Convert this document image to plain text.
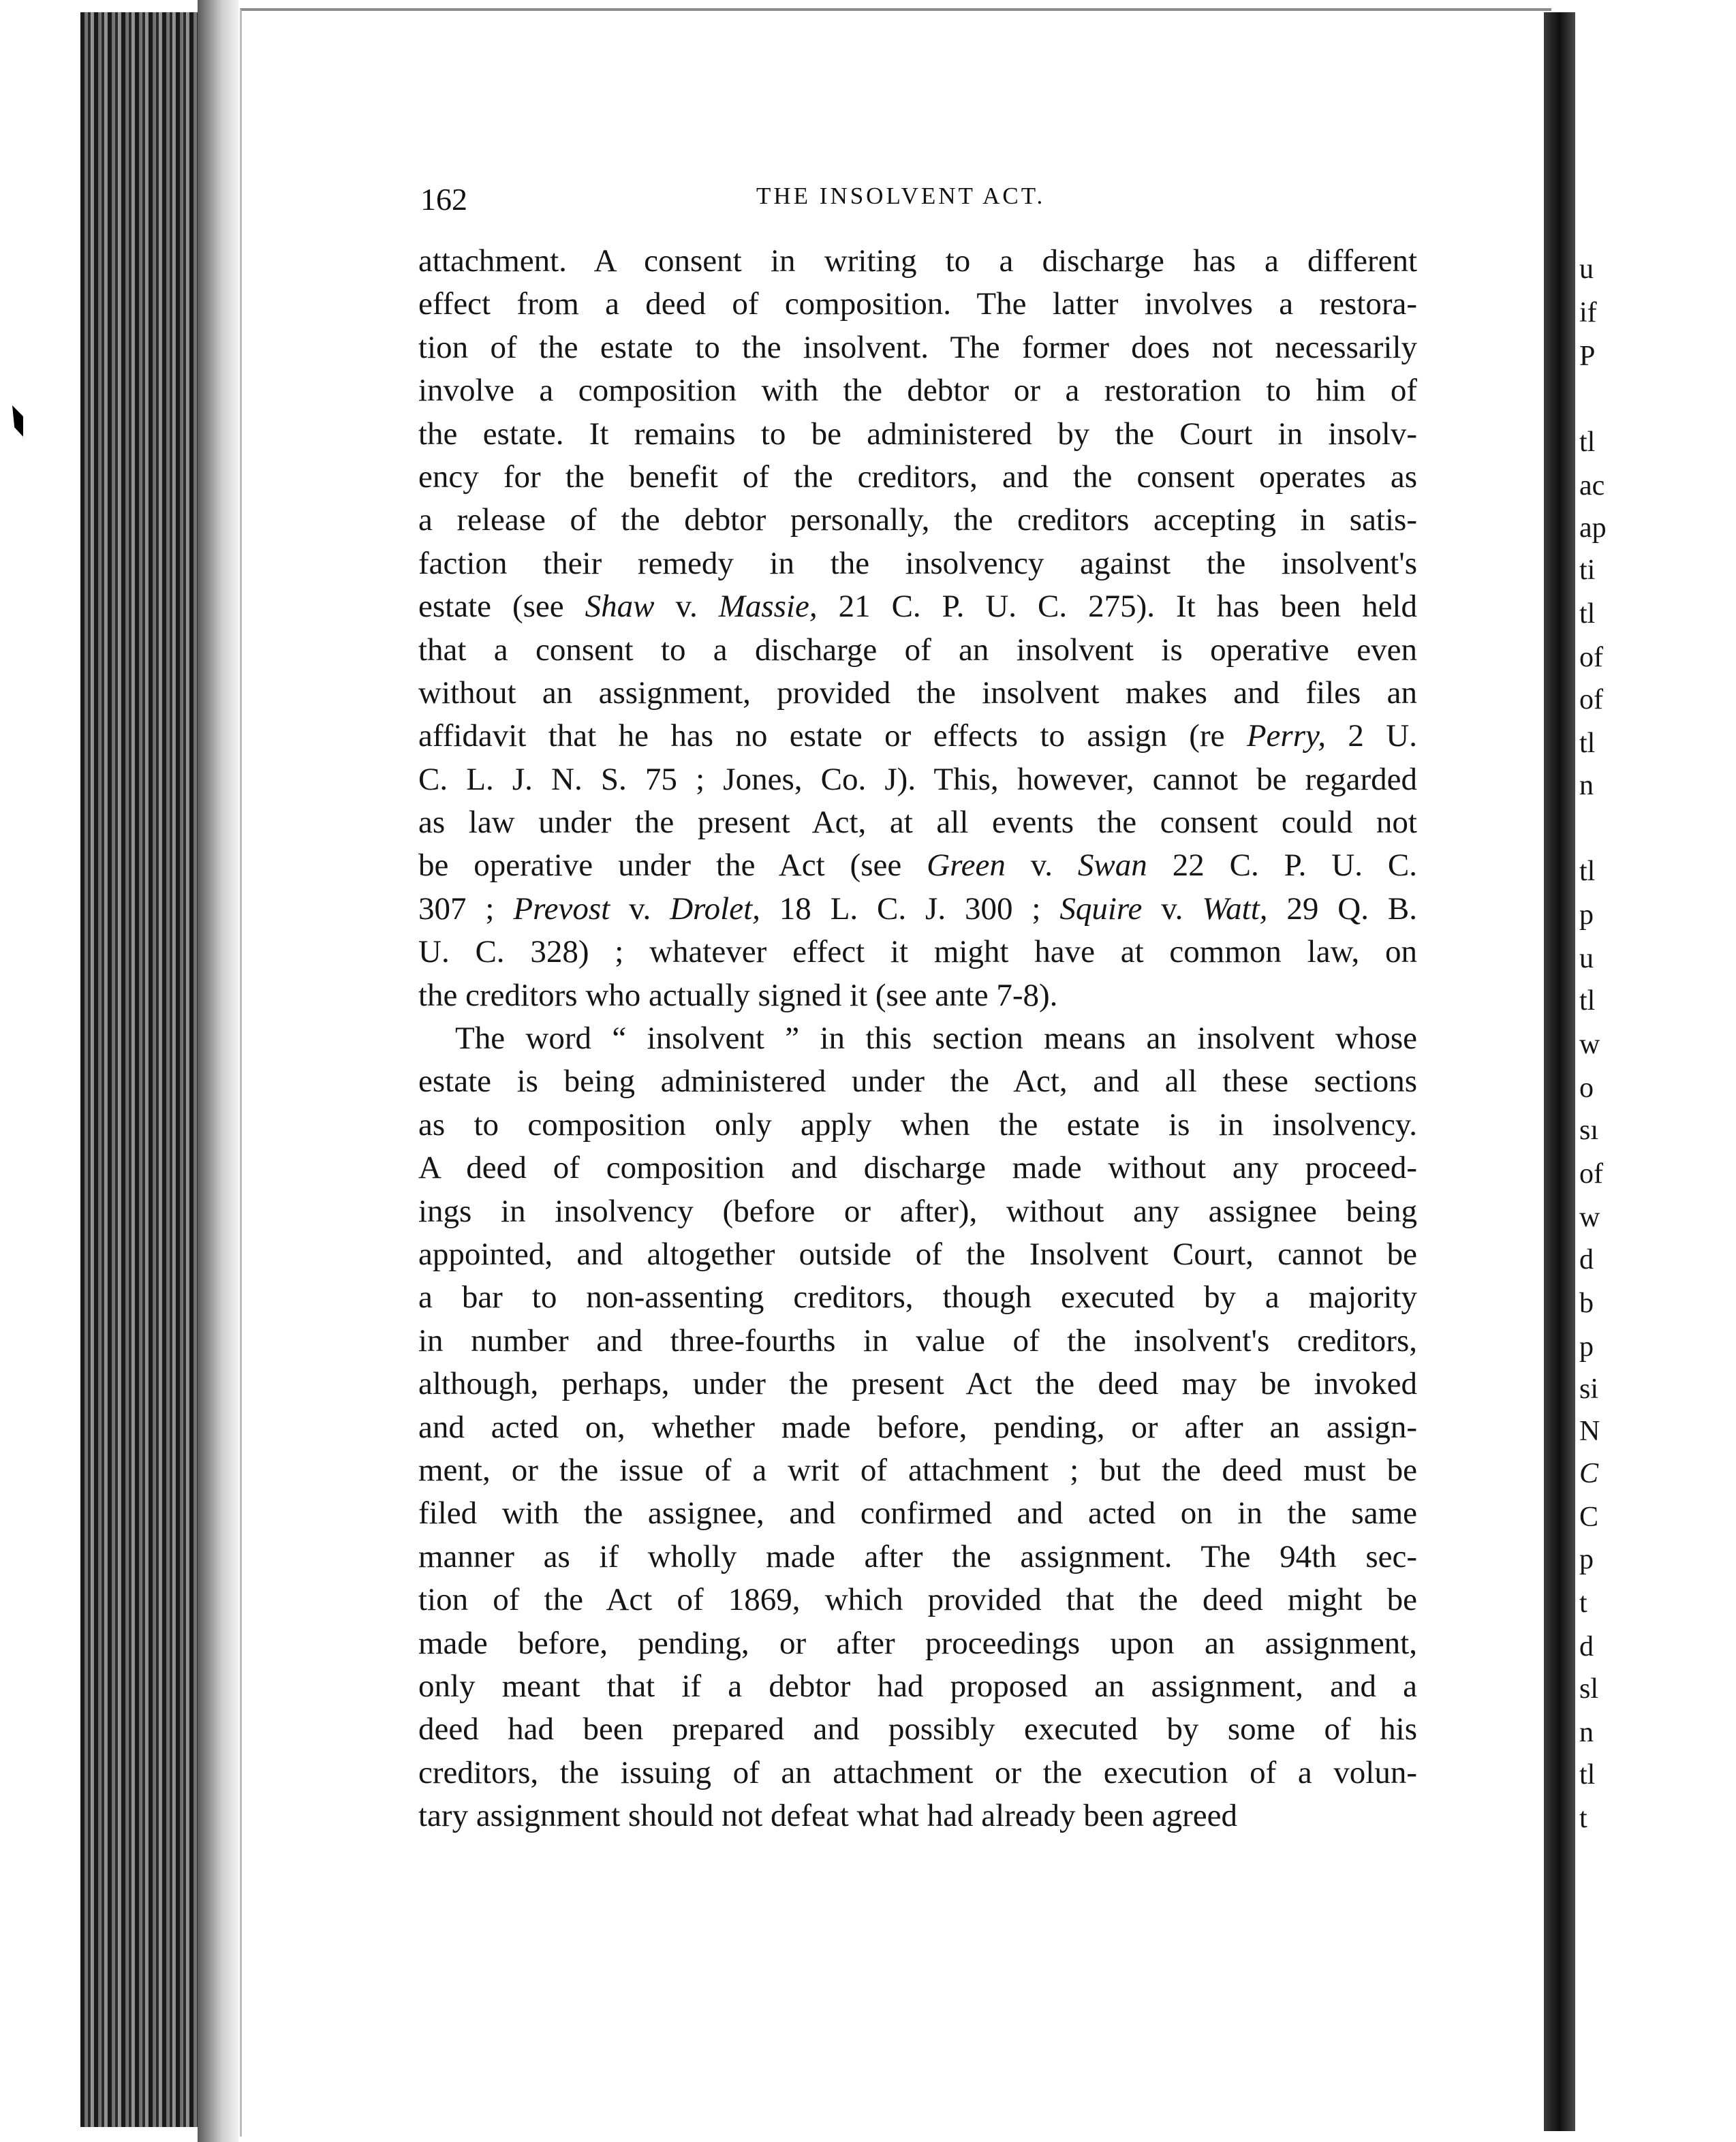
162	THE INSOLVENT ACT.
attachment. A consent in writing to a discharge has a different
effect from a deed of composition. The latter involves a restora-
tion of the estate to the insolvent. The former does not necessarily
involve a composition with the debtor or a restoration to him of
the estate. It remains to be administered by the Court in insolv-
ency for the benefit of the creditors, and the consent operates as
a release of the debtor personally, the creditors accepting in satis-
faction their remedy in the insolvency against the insolvent's
estate (see Shaw v. Massie, 21 C. P. U. C. 275). It has been held
that a consent to a discharge of an insolvent is operative even
without an assignment, provided the insolvent makes and files an
affidavit that he has no estate or effects to assign (re Perry, 2 U.
C. L. J. N. S. 75 ; Jones, Co. J). This, however, cannot be regarded
as law under the present Act, at all events the consent could not
be operative under the Act (see Green v. Swan 22 C. P. U. C.
307 ; Prevost v. Drolet, 18 L. C. J. 300 ; Squire v. Watt, 29 Q. B.
U. C. 328) ; whatever effect it might have at common law, on
the creditors who actually signed it (see ante 7-8).
The word “ insolvent ” in this section means an insolvent whose
estate is being administered under the Act, and all these sections
as to composition only apply when the estate is in insolvency.
A deed of composition and discharge made without any proceed-
ings in insolvency (before or after), without any assignee being
appointed, and altogether outside of the Insolvent Court, cannot be
a bar to non-assenting creditors, though executed by a majority
in number and three-fourths in value of the insolvent's creditors,
although, perhaps, under the present Act the deed may be invoked
and acted on, whether made before, pending, or after an assign-
ment, or the issue of a writ of attachment ; but the deed must be
filed with the assignee, and confirmed and acted on in the same
manner as if wholly made after the assignment. The 94th sec-
tion of the Act of 1869, which provided that the deed might be
made before, pending, or after proceedings upon an assignment,
only meant that if a debtor had proposed an assignment, and a
deed had been prepared and possibly executed by some of his
creditors, the issuing of an attachment or the execution of a volun-
tary assignment should not defeat what had already been agreed
u
if
P
tl
ac
ap
ti
tl
of
of
tl
n
tl
p
u
tl
w
o
sı
of
w
d
b
p
si
N
C
C
p
t
d
sl
n
tl
t
